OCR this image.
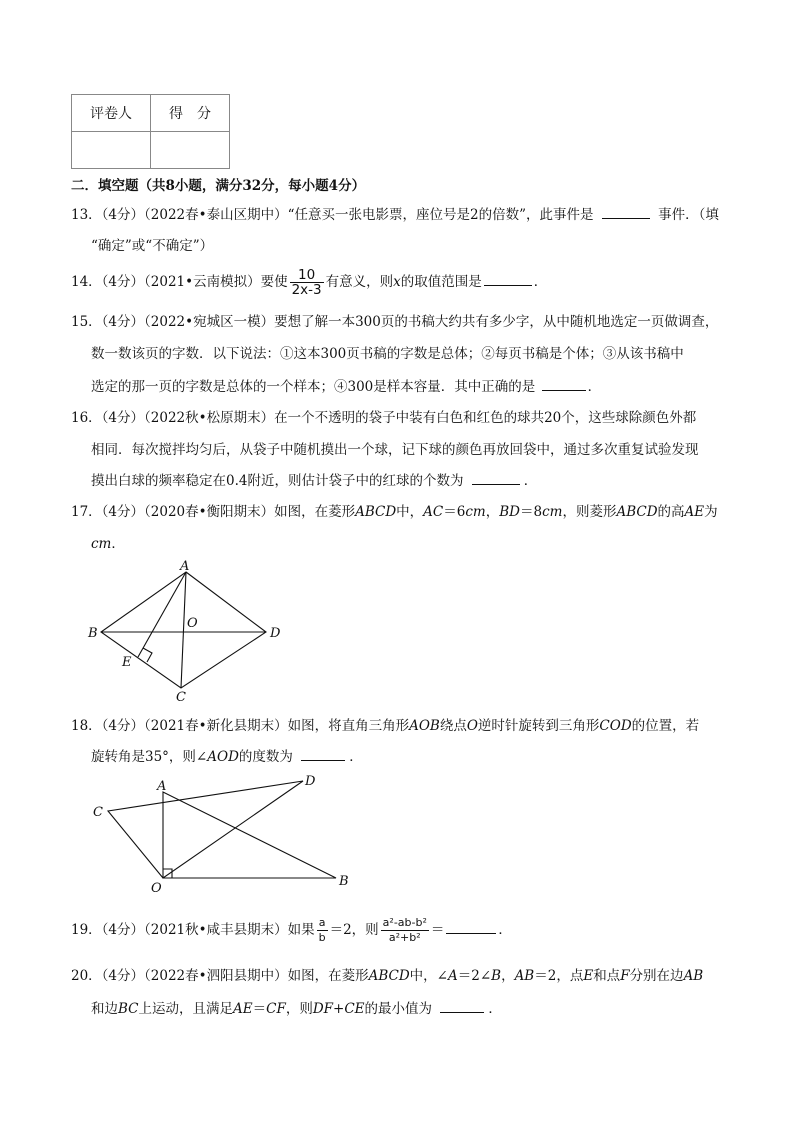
评卷人	得　分

二．填空题（共8小题，满分32分，每小题4分）
13．（4分）（2022春•泰山区期中）“任意买一张电影票，座位号是2的倍数”，此事件是	事件．（填
“确定”或“不确定”）
14．（4分）（2021•云南模拟）要使 $\frac{10}{2x-3}$ 有意义，则x的取值范围是	．
15．（4分）（2022•宛城区一模）要想了解一本300页的书稿大约共有多少字，从中随机地选定一页做调查，
数一数该页的字数．以下说法：①这本300页书稿的字数是总体；②每页书稿是个体；③从该书稿中
选定的那一页的字数是总体的一个样本；④300是样本容量．其中正确的是	．
16．（4分）（2022秋•松原期末）在一个不透明的袋子中装有白色和红色的球共20个，这些球除颜色外都
相同．每次搅拌均匀后，从袋子中随机摸出一个球，记下球的颜色再放回袋中，通过多次重复试验发现
摸出白球的频率稳定在0.4附近，则估计袋子中的红球的个数为	．
17．（4分）（2020春•衡阳期末）如图，在菱形ABCD中，AC＝6cm，BD＝8cm，则菱形ABCD的高AE为
cm．
A
B
C
D
O
E
18．（4分）（2021春•新化县期末）如图，将直角三角形AOB绕点O逆时针旋转到三角形COD的位置，若
旋转角是35°，则∠AOD的度数为	．
A
B
C
D
O
19．（4分）（2021秋•咸丰县期末）如果 $\frac{a}{b} =2$，则 $\frac{\text{a²-ab-b²}}{\text{a²+b²}}$ ＝	．
20．（4分）（2022春•泗阳县期中）如图，在菱形ABCD中，∠A＝2∠B，AB＝2，点E和点F分别在边AB
和边BC上运动，且满足AE＝CF，则DF+CE的最小值为	．
